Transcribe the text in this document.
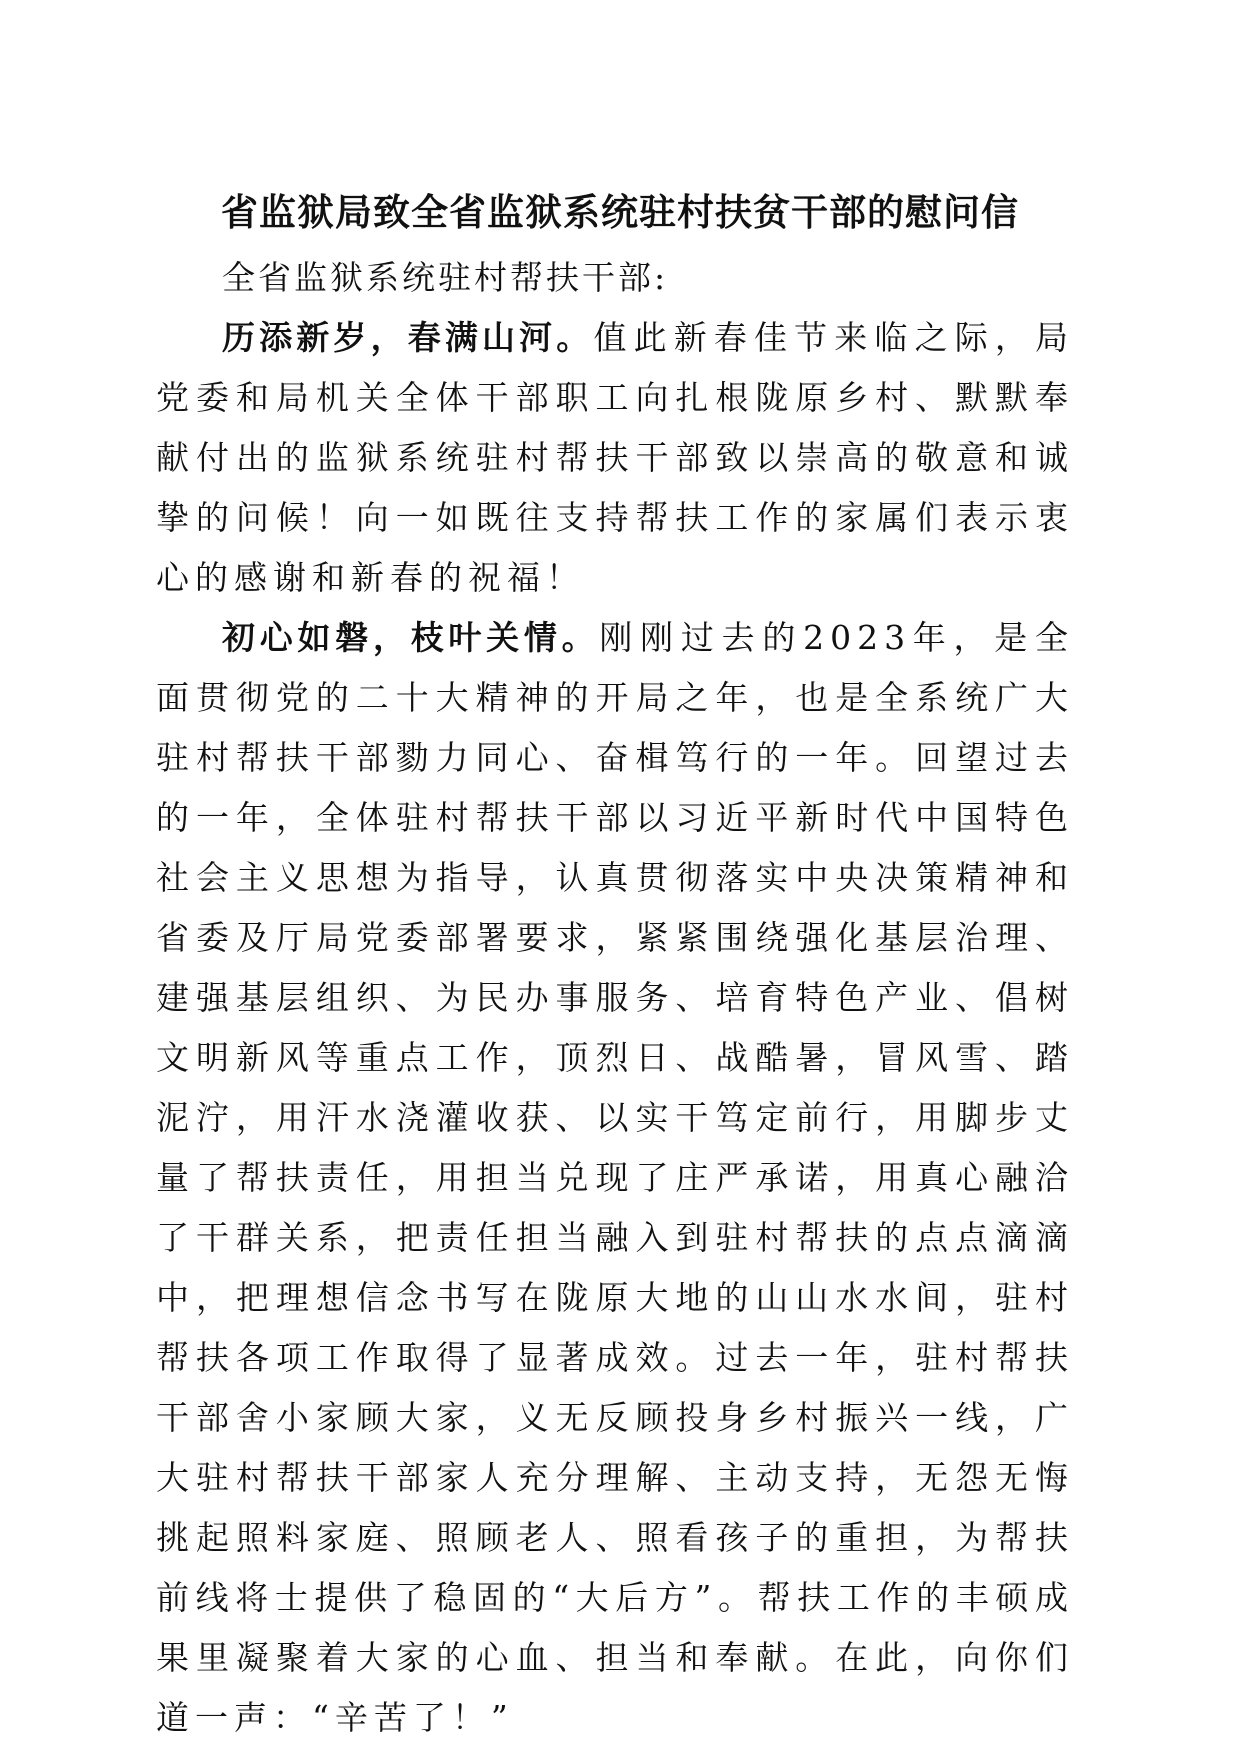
省监狱局致全省监狱系统驻村扶贫干部的慰问信

全省监狱系统驻村帮扶干部:

历添新岁，春满山河。值此新春佳节来临之际，局党委和局机关全体干部职工向扎根陇原乡村、默默奉献付出的监狱系统驻村帮扶干部致以崇高的敬意和诚挚的问候！向一如既往支持帮扶工作的家属们表示衷心的感谢和新春的祝福！

初心如磐，枝叶关情。刚刚过去的2023年，是全面贯彻党的二十大精神的开局之年，也是全系统广大驻村帮扶干部勠力同心、奋楫笃行的一年。回望过去的一年，全体驻村帮扶干部以习近平新时代中国特色社会主义思想为指导，认真贯彻落实中央决策精神和省委及厅局党委部署要求，紧紧围绕强化基层治理、建强基层组织、为民办事服务、培育特色产业、倡树文明新风等重点工作，顶烈日、战酷暑，冒风雪、踏泥泞，用汗水浇灌收获、以实干笃定前行，用脚步丈量了帮扶责任，用担当兑现了庄严承诺，用真心融洽了干群关系，把责任担当融入到驻村帮扶的点点滴滴中，把理想信念书写在陇原大地的山山水水间，驻村帮扶各项工作取得了显著成效。过去一年，驻村帮扶干部舍小家顾大家，义无反顾投身乡村振兴一线，广大驻村帮扶干部家人充分理解、主动支持，无怨无悔挑起照料家庭、照顾老人、照看孩子的重担，为帮扶前线将士提供了稳固的“大后方”。帮扶工作的丰硕成果里凝聚着大家的心血、担当和奉献。在此，向你们道一声：“辛苦了！”
